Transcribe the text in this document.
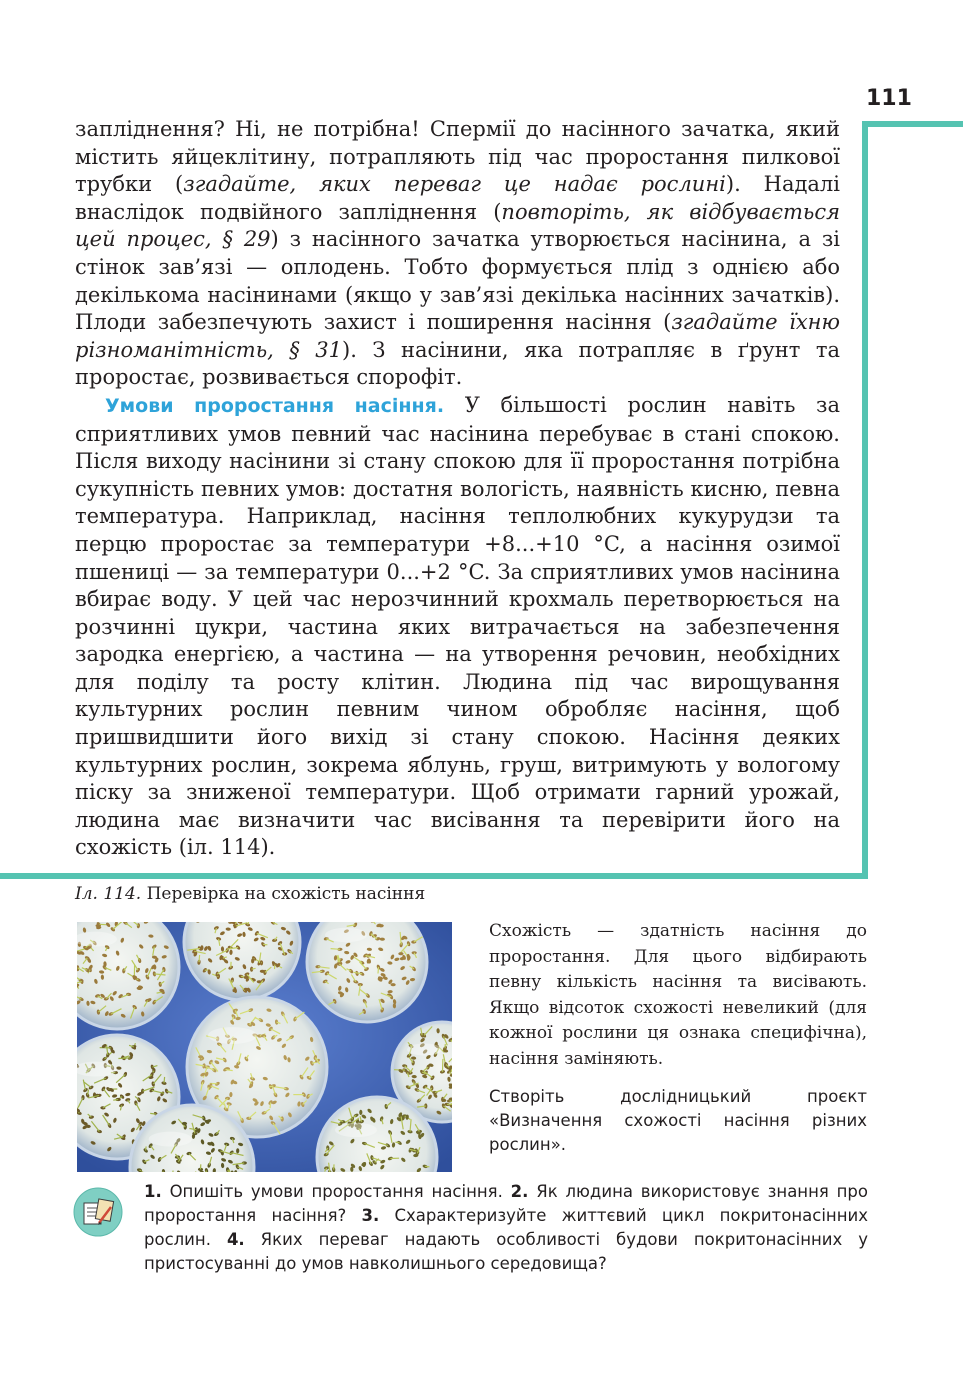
111

запліднення? Ні, не потрібна! Спермії до насінного зачатка, який містить яйцеклітину, потрапляють під час проростання пилкової трубки (згадайте, яких переваг це надає рослині). Надалі внаслідок подвійного запліднення (повторіть, як відбувається цей процес, § 29) з насінного зачатка утворюється насінина, а зі стінок зав’язі — оплодень. Тобто формується плід з однією або декількома насінинами (якщо у зав’язі декілька насінних зачатків). Плоди забезпечують захист і поширення насіння (згадайте їхню різноманітність, § 31). З насінини, яка потрапляє в ґрунт та проростає, розвивається спорофіт.

Умови проростання насіння. У більшості рослин навіть за сприятливих умов певний час насінина перебуває в стані спокою. Після виходу насінини зі стану спокою для її проростання потрібна сукупність певних умов: достатня вологість, наявність кисню, певна температура. Наприклад, насіння теплолюбних кукурудзи та перцю проростає за температури +8...+10 °C, а насіння озимої пшениці — за температури 0...+2 °C. За сприятливих умов насінина вбирає воду. У цей час нерозчинний крохмаль перетворюється на розчинні цукри, частина яких витрачається на забезпечення зародка енергією, а частина — на утворення речовин, необхідних для поділу та росту клітин. Людина під час вирощування культурних рослин певним чином обробляє насіння, щоб пришвидшити його вихід зі стану спокою. Насіння деяких культурних рослин, зокрема яблунь, груш, витримують у вологому піску за зниженої температури. Щоб отримати гарний урожай, людина має визначити час висівання та перевірити його на схожість (іл. 114).

Іл. 114. Перевірка на схожість насіння

Схожість — здатність насіння до проростання. Для цього відбирають певну кількість насіння та висівають. Якщо відсоток схожості невеликий (для кожної рослини ця ознака специфічна), насіння заміняють.

Створіть дослідницький проєкт «Визначення схожості насіння різних рослин».

1. Опишіть умови проростання насіння. 2. Як людина використовує знання про проростання насіння? 3. Схарактеризуйте життєвий цикл покритонасінних рослин. 4. Яких переваг надають особливості будови покритонасінних у пристосуванні до умов навколишнього середовища?
